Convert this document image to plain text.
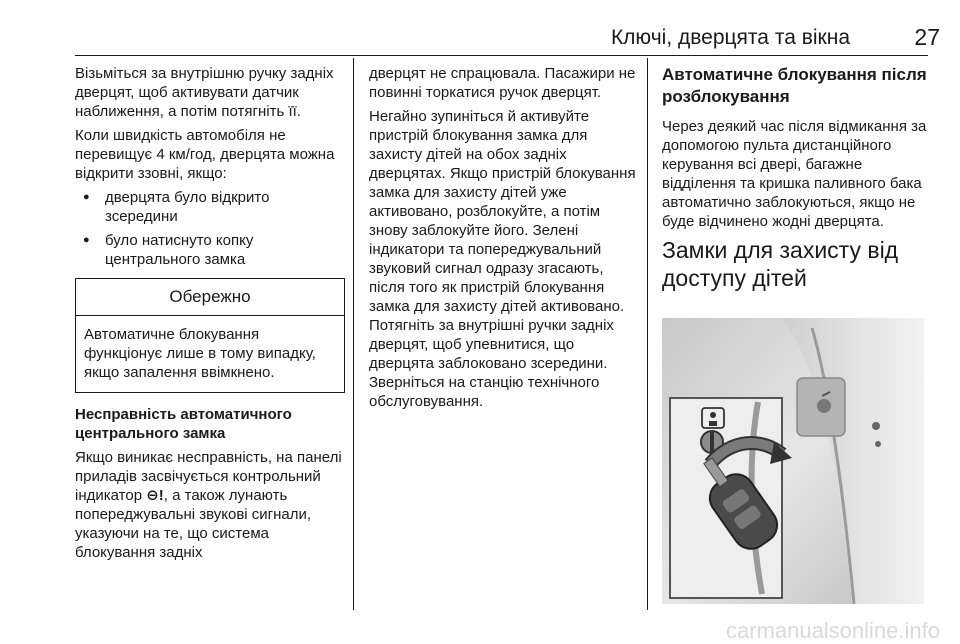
Ключі, дверцята та вікна	27

Візьміться за внутрішню ручку задніх дверцят, щоб активувати датчик наближення, а потім потягніть її.

Коли швидкість автомобіля не перевищує 4 км/год, дверцята можна відкрити ззовні, якщо:

● дверцята було відкрито зсередини
● було натиснуто копку центрального замка
Обережно
Автоматичне блокування функціонує лише в тому випадку, якщо запалення ввімкнено.

Несправність автоматичного центрального замка

Якщо виникає несправність, на панелі приладів засвічується контрольний індикатор ⊖!, а також лунають попереджувальні звукові сигнали, указуючи на те, що система блокування задніх

дверцят не спрацювала. Пасажири не повинні торкатися ручок дверцят.

Негайно зупиніться й активуйте пристрій блокування замка для захисту дітей на обох задніх дверцятах. Якщо пристрій блокування замка для захисту дітей уже активовано, розблокуйте, а потім знову заблокуйте його. Зелені індикатори та попереджувальний звуковий сигнал одразу згасають, після того як пристрій блокування замка для захисту дітей активовано. Потягніть за внутрішні ручки задніх дверцят, щоб упевнитися, що дверцята заблоковано зсередини. Зверніться на станцію технічного обслуговування.

Автоматичне блокування після розблокування

Через деякий час після відмикання за допомогою пульта дистанційного керування всі двері, багажне відділення та кришка паливного бака автоматично заблокуються, якщо не буде відчинено жодні дверцята.

Замки для захисту від доступу дітей

carmanualsonline.info
